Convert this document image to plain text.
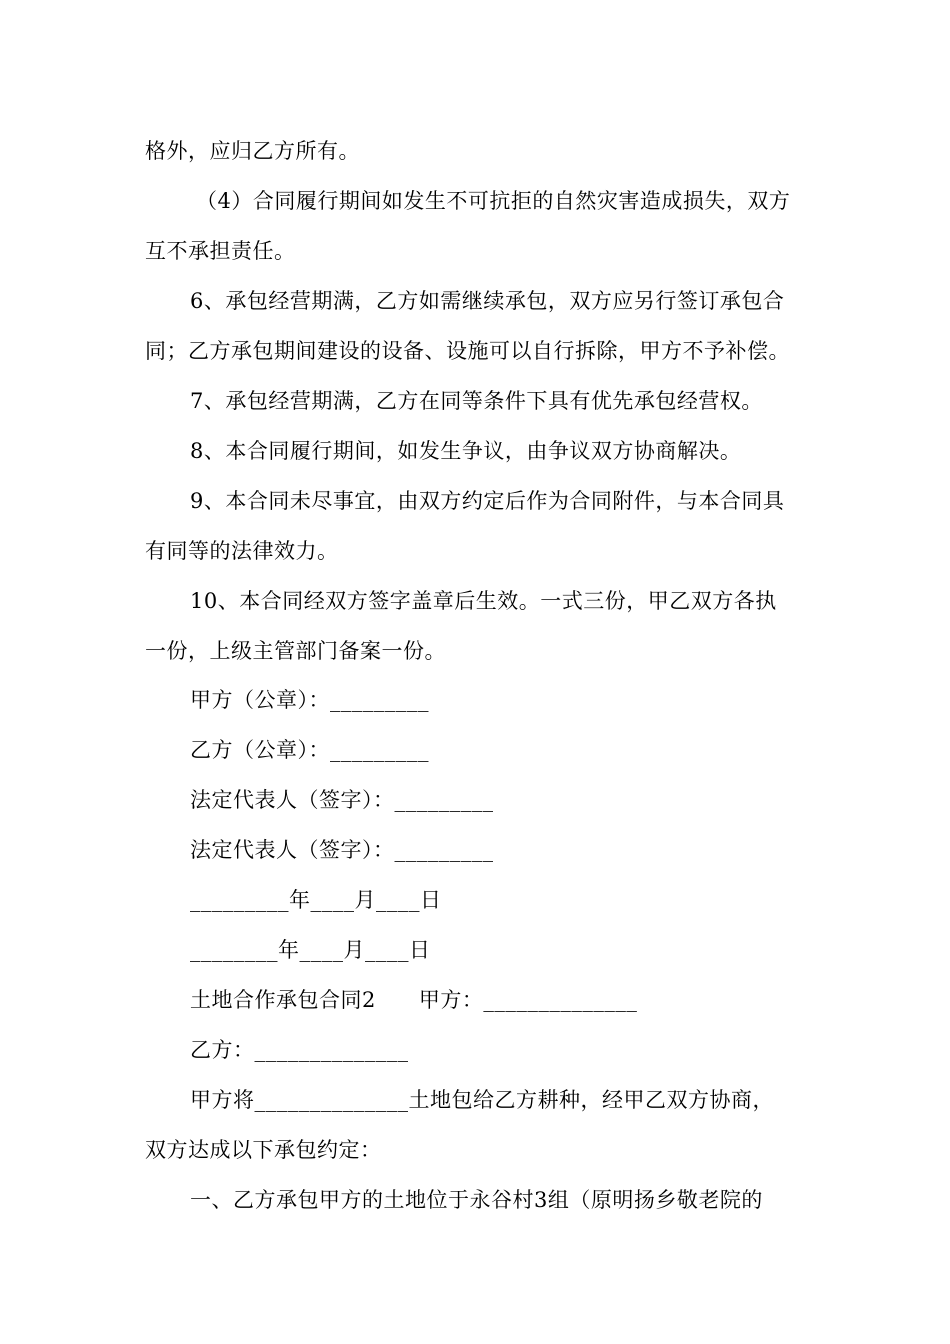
格外，应归乙方所有。
（4）合同履行期间如发生不可抗拒的自然灾害造成损失，双方
互不承担责任。
6、承包经营期满，乙方如需继续承包，双方应另行签订承包合
同；乙方承包期间建设的设备、设施可以自行拆除，甲方不予补偿。
7、承包经营期满，乙方在同等条件下具有优先承包经营权。
8、本合同履行期间，如发生争议，由争议双方协商解决。
9、本合同未尽事宜，由双方约定后作为合同附件，与本合同具
有同等的法律效力。
10、本合同经双方签字盖章后生效。一式三份，甲乙双方各执
一份，上级主管部门备案一份。
甲方（公章）：_________
乙方（公章）：_________
法定代表人（签字）：_________
法定代表人（签字）：_________
_________年____月____日
________年____月____日
土地合作承包合同2　　甲方：______________
乙方：______________
甲方将______________土地包给乙方耕种，经甲乙双方协商，
双方达成以下承包约定：
一、乙方承包甲方的土地位于永谷村3组（原明扬乡敬老院的
